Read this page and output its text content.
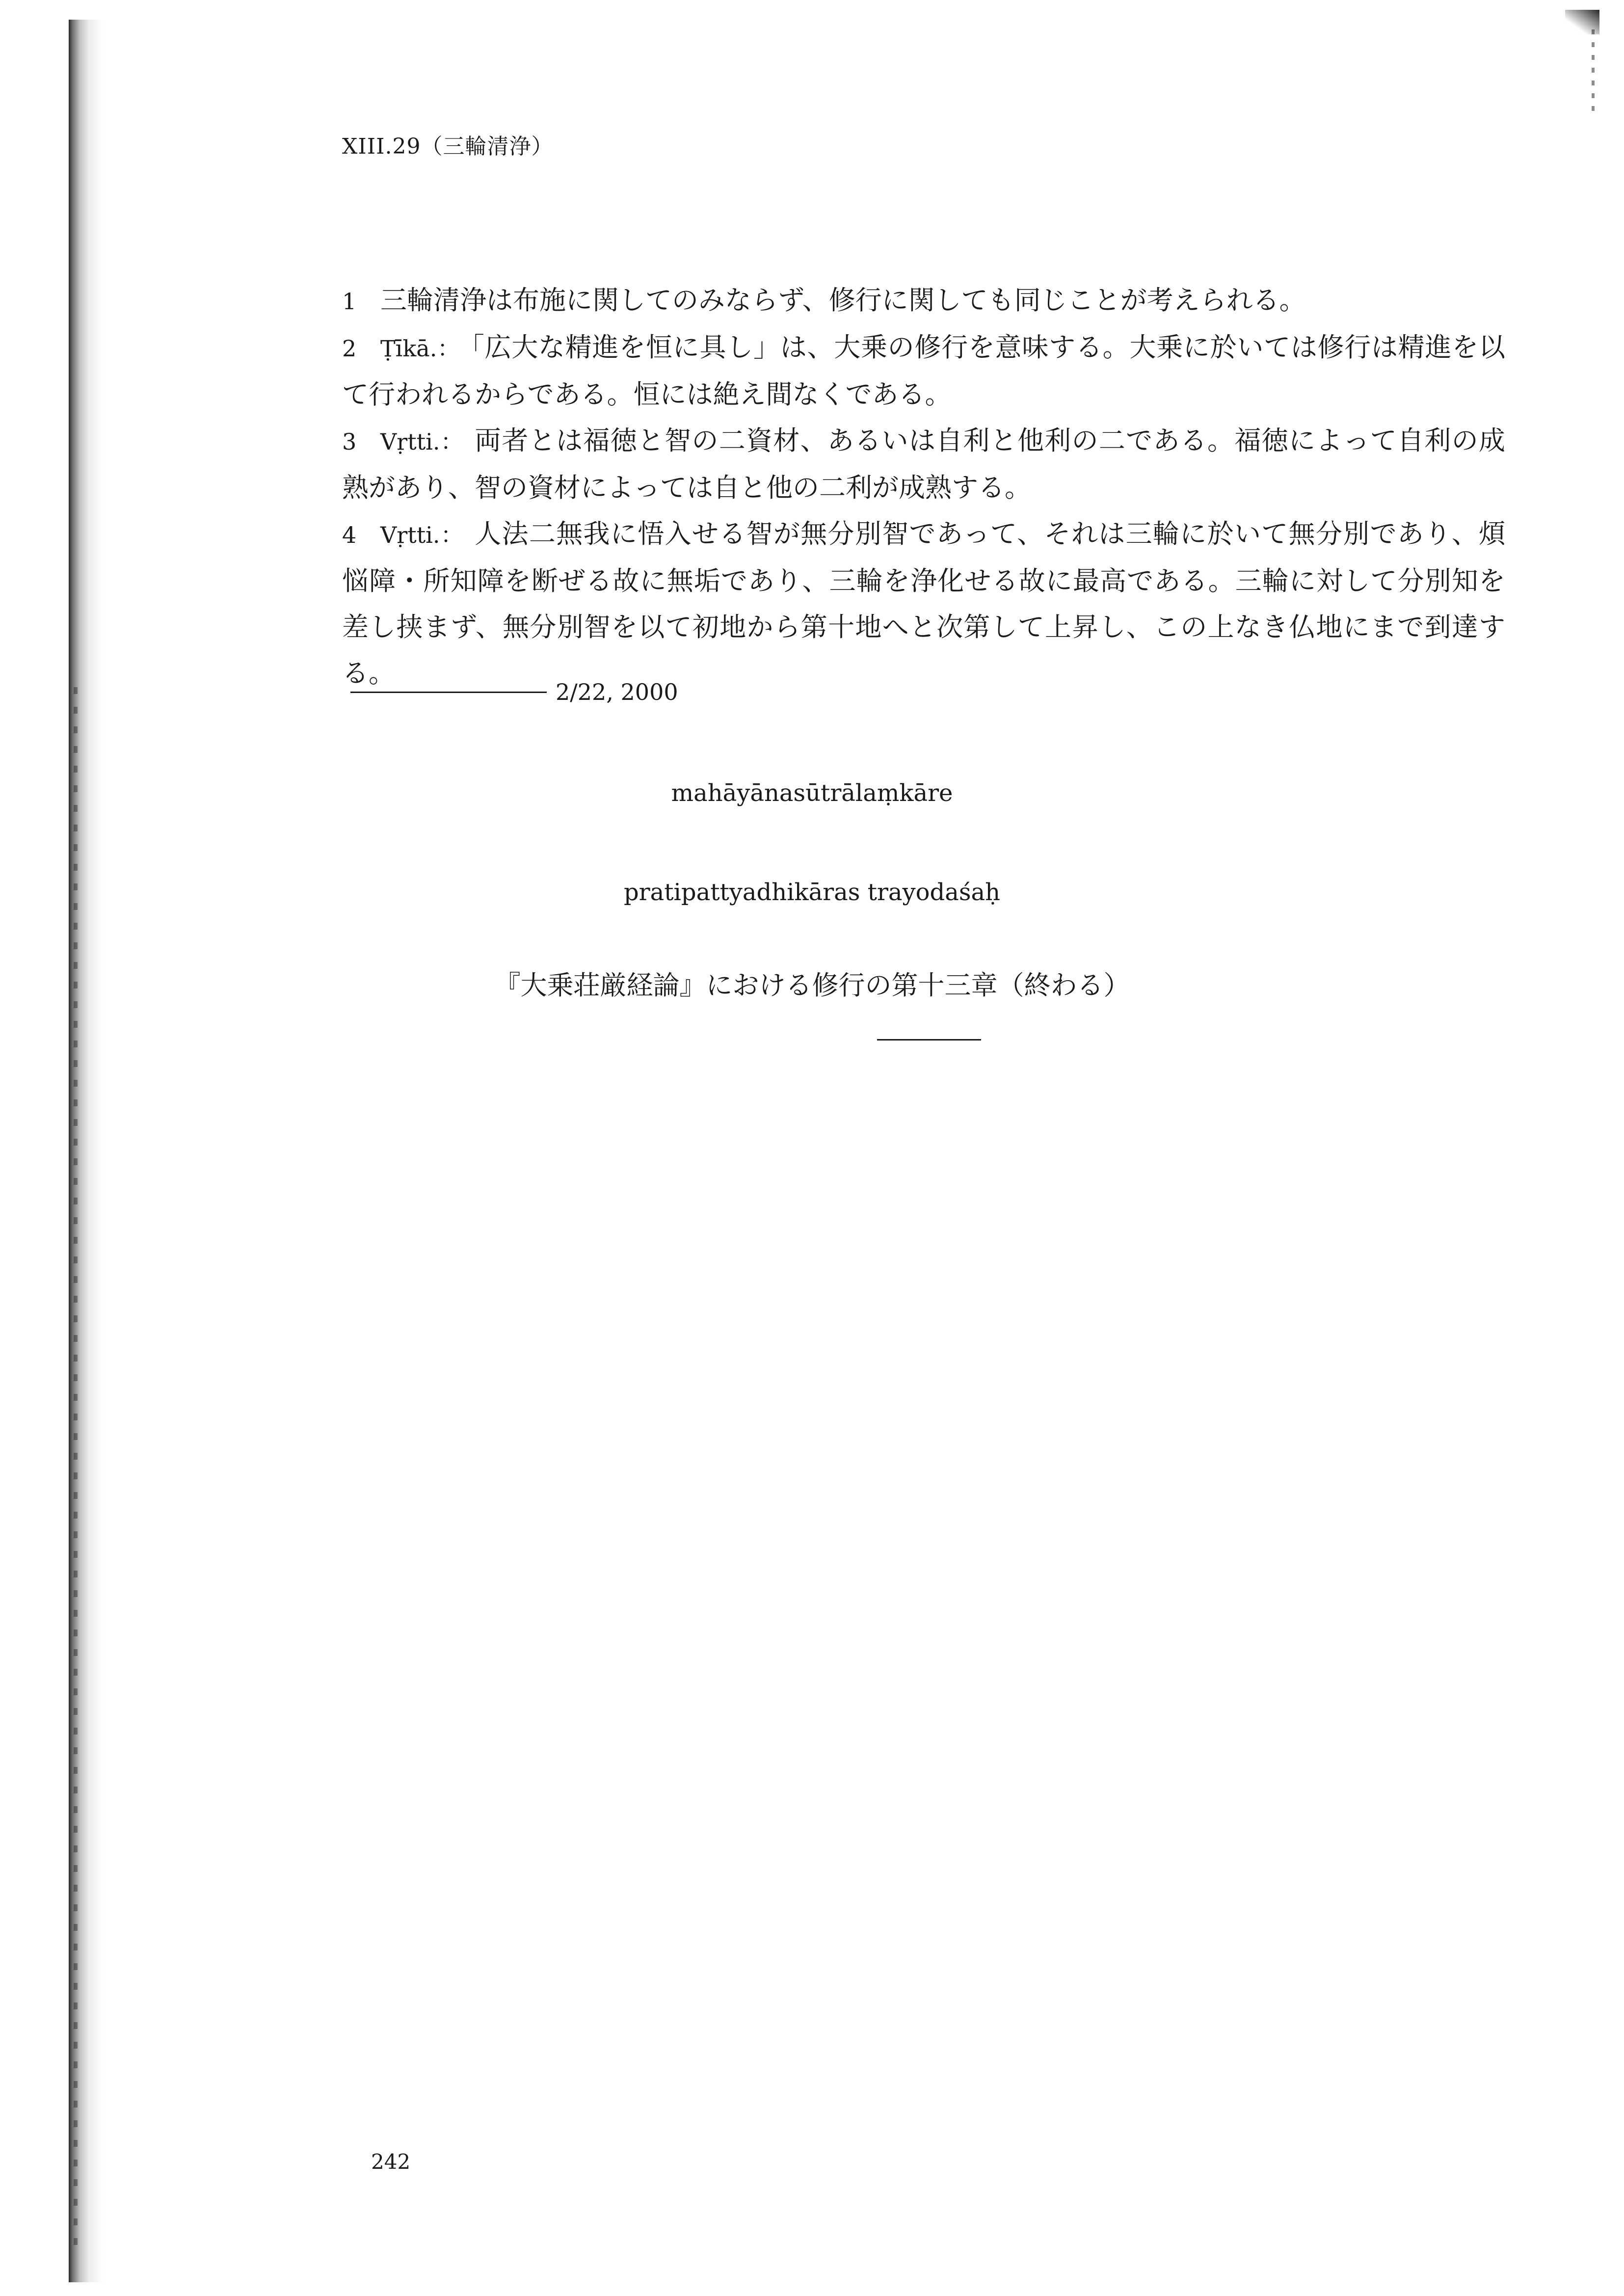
XIII.29（三輪清浄）

1 三輪清浄は布施に関してのみならず、修行に関しても同じことが考えられる。

2 Ṭīkā.： 「広大な精進を恒に具し」は、大乗の修行を意味する。大乗に於いては修行は精進を以て行われるからである。恒には絶え間なくである。

3 Vṛtti.： 両者とは福徳と智の二資材、あるいは自利と他利の二である。福徳によって自利の成熟があり、智の資材によっては自と他の二利が成熟する。

4 Vṛtti.： 人法二無我に悟入せる智が無分別智であって、それは三輪に於いて無分別であり、煩悩障・所知障を断ぜる故に無垢であり、三輪を浄化せる故に最高である。三輪に対して分別知を差し挟まず、無分別智を以て初地から第十地へと次第して上昇し、この上なき仏地にまで到達する。

2/22, 2000
mahāyānasūtrālaṃkāre
pratipattyadhikāras trayodaśaḥ
『大乗荘厳経論』における修行の第十三章（終わる）
242
